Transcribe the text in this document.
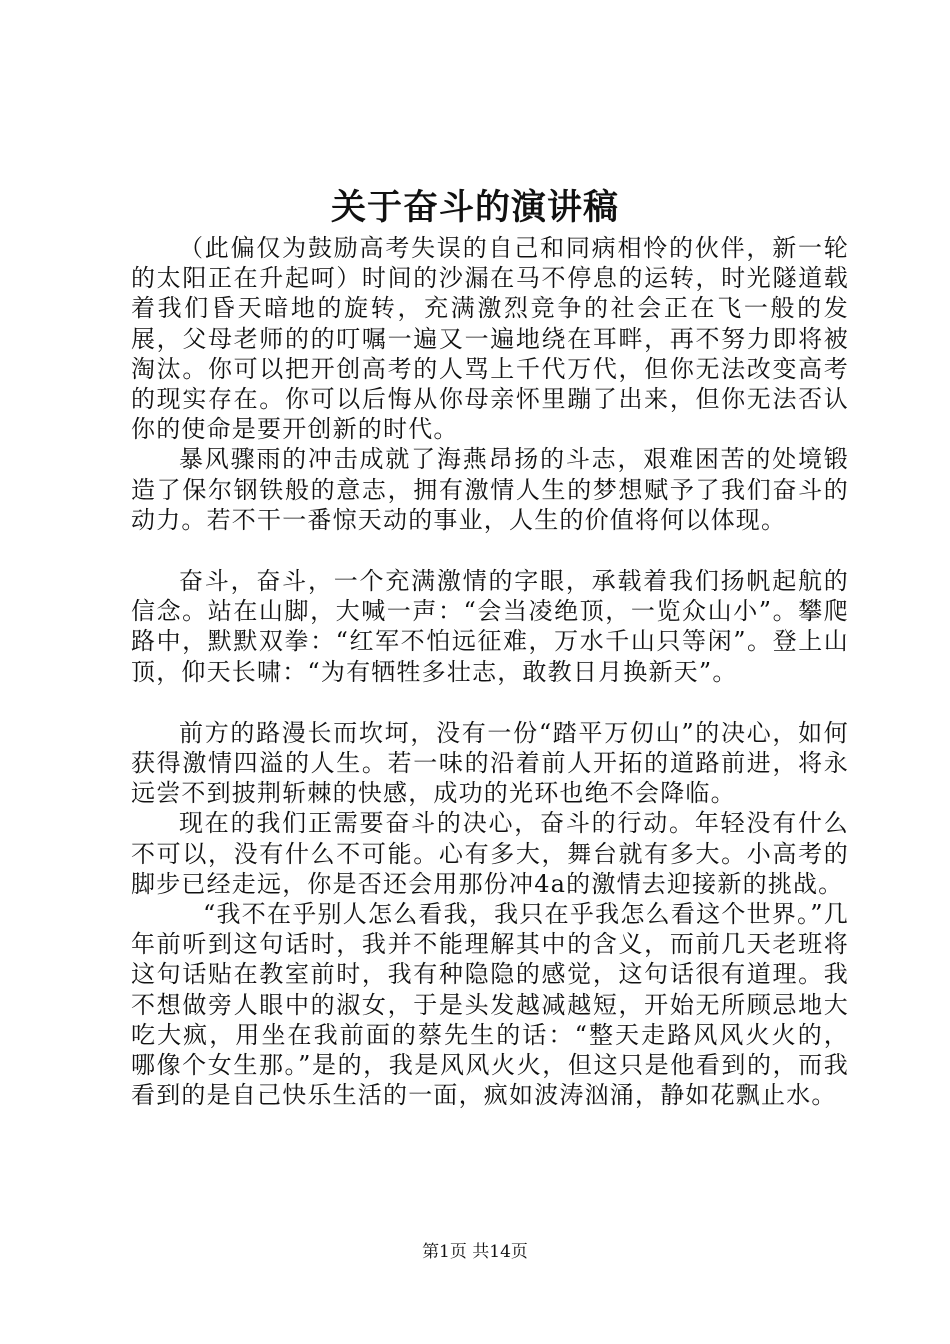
关于奋斗的演讲稿

（此偏仅为鼓励高考失误的自己和同病相怜的伙伴，新一轮的太阳正在升起呵）时间的沙漏在马不停息的运转，时光隧道载着我们昏天暗地的旋转，充满激烈竞争的社会正在飞一般的发展，父母老师的的叮嘱一遍又一遍地绕在耳畔，再不努力即将被淘汰。你可以把开创高考的人骂上千代万代，但你无法改变高考的现实存在。你可以后悔从你母亲怀里蹦了出来，但你无法否认你的使命是要开创新的时代。

暴风骤雨的冲击成就了海燕昂扬的斗志，艰难困苦的处境锻造了保尔钢铁般的意志，拥有激情人生的梦想赋予了我们奋斗的动力。若不干一番惊天动的事业，人生的价值将何以体现。

奋斗，奋斗，一个充满激情的字眼，承载着我们扬帆起航的信念。站在山脚，大喊一声：“会当凌绝顶，一览众山小”。攀爬路中，默默双拳：“红军不怕远征难，万水千山只等闲”。登上山顶，仰天长啸：“为有牺牲多壮志，敢教日月换新天”。

前方的路漫长而坎坷，没有一份“踏平万仞山”的决心，如何获得激情四溢的人生。若一味的沿着前人开拓的道路前进，将永远尝不到披荆斩棘的快感，成功的光环也绝不会降临。

现在的我们正需要奋斗的决心，奋斗的行动。年轻没有什么不可以，没有什么不可能。心有多大，舞台就有多大。小高考的脚步已经走远，你是否还会用那份冲4a的激情去迎接新的挑战。

“我不在乎别人怎么看我，我只在乎我怎么看这个世界。”几年前听到这句话时，我并不能理解其中的含义，而前几天老班将这句话贴在教室前时，我有种隐隐的感觉，这句话很有道理。我不想做旁人眼中的淑女，于是头发越减越短，开始无所顾忌地大吃大疯，用坐在我前面的蔡先生的话：“整天走路风风火火的，哪像个女生那。”是的，我是风风火火，但这只是他看到的，而我看到的是自己快乐生活的一面，疯如波涛汹涌，静如花飘止水。

第1页 共14页
